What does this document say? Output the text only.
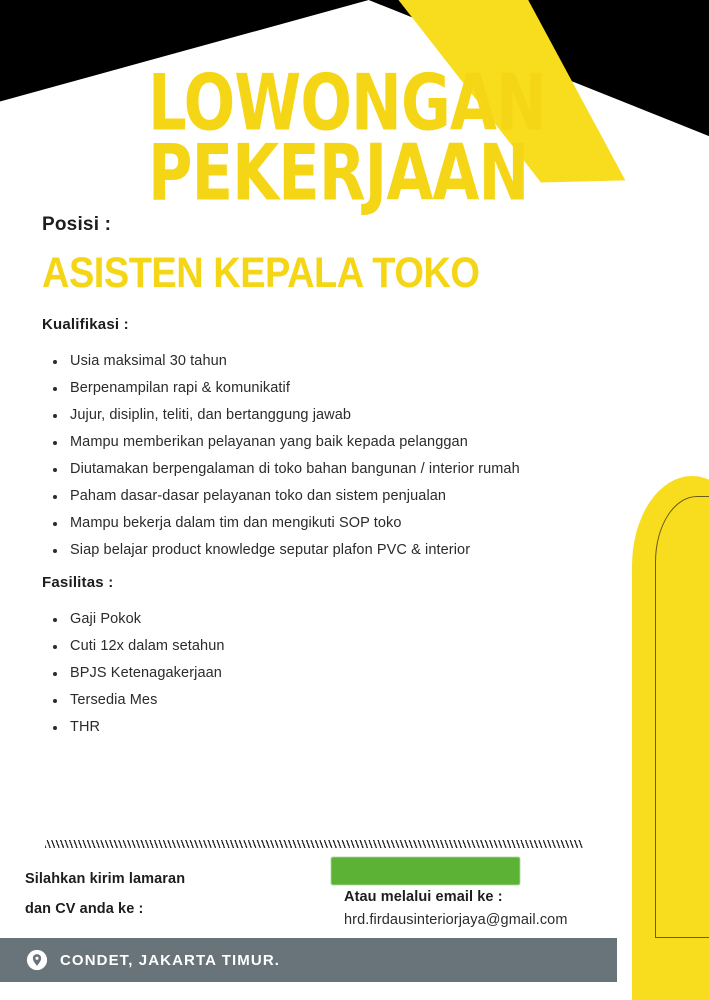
LOWONGAN
PEKERJAAN
Posisi :
ASISTEN KEPALA TOKO
Kualifikasi :
Usia maksimal 30 tahun
Berpenampilan rapi & komunikatif
Jujur, disiplin, teliti, dan bertanggung jawab
Mampu memberikan pelayanan yang baik kepada pelanggan
Diutamakan berpengalaman di toko bahan bangunan / interior rumah
Paham dasar-dasar pelayanan toko dan sistem penjualan
Mampu bekerja dalam tim dan mengikuti SOP toko
Siap belajar product knowledge seputar plafon PVC & interior
Fasilitas :
Gaji Pokok
Cuti 12x dalam setahun
BPJS Ketenagakerjaan
Tersedia Mes
THR
Silahkan kirim lamaran
dan CV anda ke :
Atau melalui email ke :
hrd.firdausinteriorjaya@gmail.com
CONDET, JAKARTA TIMUR.
